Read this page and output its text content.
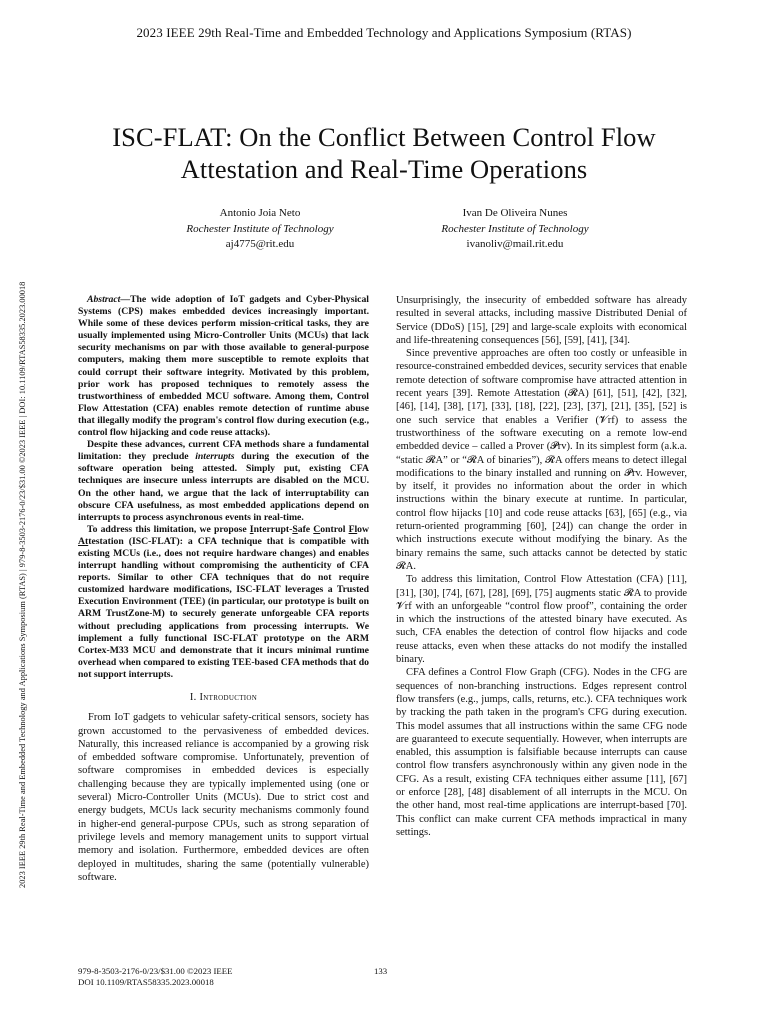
2023 IEEE 29th Real-Time and Embedded Technology and Applications Symposium (RTAS)
2023 IEEE 29th Real-Time and Embedded Technology and Applications Symposium (RTAS) | 979-8-3503-2176-0/23/$31.00 ©2023 IEEE | DOI: 10.1109/RTAS58335.2023.00018
ISC-FLAT: On the Conflict Between Control Flow
Attestation and Real-Time Operations
Antonio Joia Neto
Rochester Institute of Technology
aj4775@rit.edu
Ivan De Oliveira Nunes
Rochester Institute of Technology
ivanoliv@mail.rit.edu

Abstract—The wide adoption of IoT gadgets and Cyber-Physical Systems (CPS) makes embedded devices increasingly important. While some of these devices perform mission-critical tasks, they are usually implemented using Micro-Controller Units (MCUs) that lack security mechanisms on par with those available to general-purpose computers, making them more susceptible to remote exploits that could corrupt their software integrity. Motivated by this problem, prior work has proposed techniques to remotely assess the trustworthiness of embedded MCU software. Among them, Control Flow Attestation (CFA) enables remote detection of runtime abuse that illegally modify the program's control flow during execution (e.g., control flow hijacking and code reuse attacks).

Despite these advances, current CFA methods share a fundamental limitation: they preclude interrupts during the execution of the software operation being attested. Simply put, existing CFA techniques are insecure unless interrupts are disabled on the MCU. On the other hand, we argue that the lack of interruptability can obscure CFA usefulness, as most embedded applications depend on interrupts to process asynchronous events in real-time.

To address this limitation, we propose Interrupt-Safe Control Flow Attestation (ISC-FLAT): a CFA technique that is compatible with existing MCUs (i.e., does not require hardware changes) and enables interrupt handling without compromising the authenticity of CFA reports. Similar to other CFA techniques that do not require customized hardware modifications, ISC-FLAT leverages a Trusted Execution Environment (TEE) (in particular, our prototype is built on ARM TrustZone-M) to securely generate unforgeable CFA reports without precluding applications from processing interrupts. We implement a fully functional ISC-FLAT prototype on the ARM Cortex-M33 MCU and demonstrate that it incurs minimal runtime overhead when compared to existing TEE-based CFA methods that do not support interrupts.

I. Introduction

From IoT gadgets to vehicular safety-critical sensors, society has grown accustomed to the pervasiveness of embedded devices. Naturally, this increased reliance is accompanied by a growing risk of embedded software compromise. Unfortunately, prevention of software compromises in embedded devices is especially challenging because they are typically implemented using (one or several) Micro-Controller Units (MCUs). Due to strict cost and energy budgets, MCUs lack security mechanisms commonly found in higher-end general-purpose CPUs, such as strong separation of privilege levels and memory management units to support virtual memory and isolation. Furthermore, embedded devices are often deployed in multitudes, sharing the same (potentially vulnerable) software.

Unsurprisingly, the insecurity of embedded software has already resulted in several attacks, including massive Distributed Denial of Service (DDoS) [15], [29] and large-scale exploits with economical and life-threatening consequences [56], [59], [41], [34].

Since preventive approaches are often too costly or unfeasible in resource-constrained embedded devices, security services that enable remote detection of software compromise have attracted attention in recent years [39]. Remote Attestation (𝓡A) [61], [51], [42], [32], [46], [14], [38], [17], [33], [18], [22], [23], [37], [21], [35], [52] is one such service that enables a Verifier (𝓥rf) to assess the trustworthiness of the software executing on a remote low-end embedded device – called a Prover (𝓟rv). In its simplest form (a.k.a. “static 𝓡A” or “𝓡A of binaries”), 𝓡A offers means to detect illegal modifications to the binary installed and running on 𝓟rv. However, by itself, it provides no information about the order in which instructions within the binary execute at runtime. In particular, control flow hijacks [10] and code reuse attacks [63], [65] (e.g., via return-oriented programming [60], [24]) can change the order in which instructions execute without modifying the binary. As the binary remains the same, such attacks cannot be detected by static 𝓡A.

To address this limitation, Control Flow Attestation (CFA) [11], [31], [30], [74], [67], [28], [69], [75] augments static 𝓡A to provide 𝓥rf with an unforgeable “control flow proof”, containing the order in which the instructions of the attested binary have executed. As such, CFA enables the detection of control flow hijacks and code reuse attacks, even when these attacks do not modify the installed binary.

CFA defines a Control Flow Graph (CFG). Nodes in the CFG are sequences of non-branching instructions. Edges represent control flow transfers (e.g., jumps, calls, returns, etc.). CFA techniques work by tracking the path taken in the program's CFG during execution. This model assumes that all instructions within the same CFG node are guaranteed to execute sequentially. However, when interrupts are enabled, this assumption is falsifiable because interrupts can cause control flow transfers asynchronously within any given node in the CFG. As a result, existing CFA techniques either assume [11], [67] or enforce [28], [48] disablement of all interrupts in the MCU. On the other hand, most real-time applications are interrupt-based [70]. This conflict can make current CFA methods impractical in many settings.

979-8-3503-2176-0/23/$31.00 ©2023 IEEE
DOI 10.1109/RTAS58335.2023.00018
133
